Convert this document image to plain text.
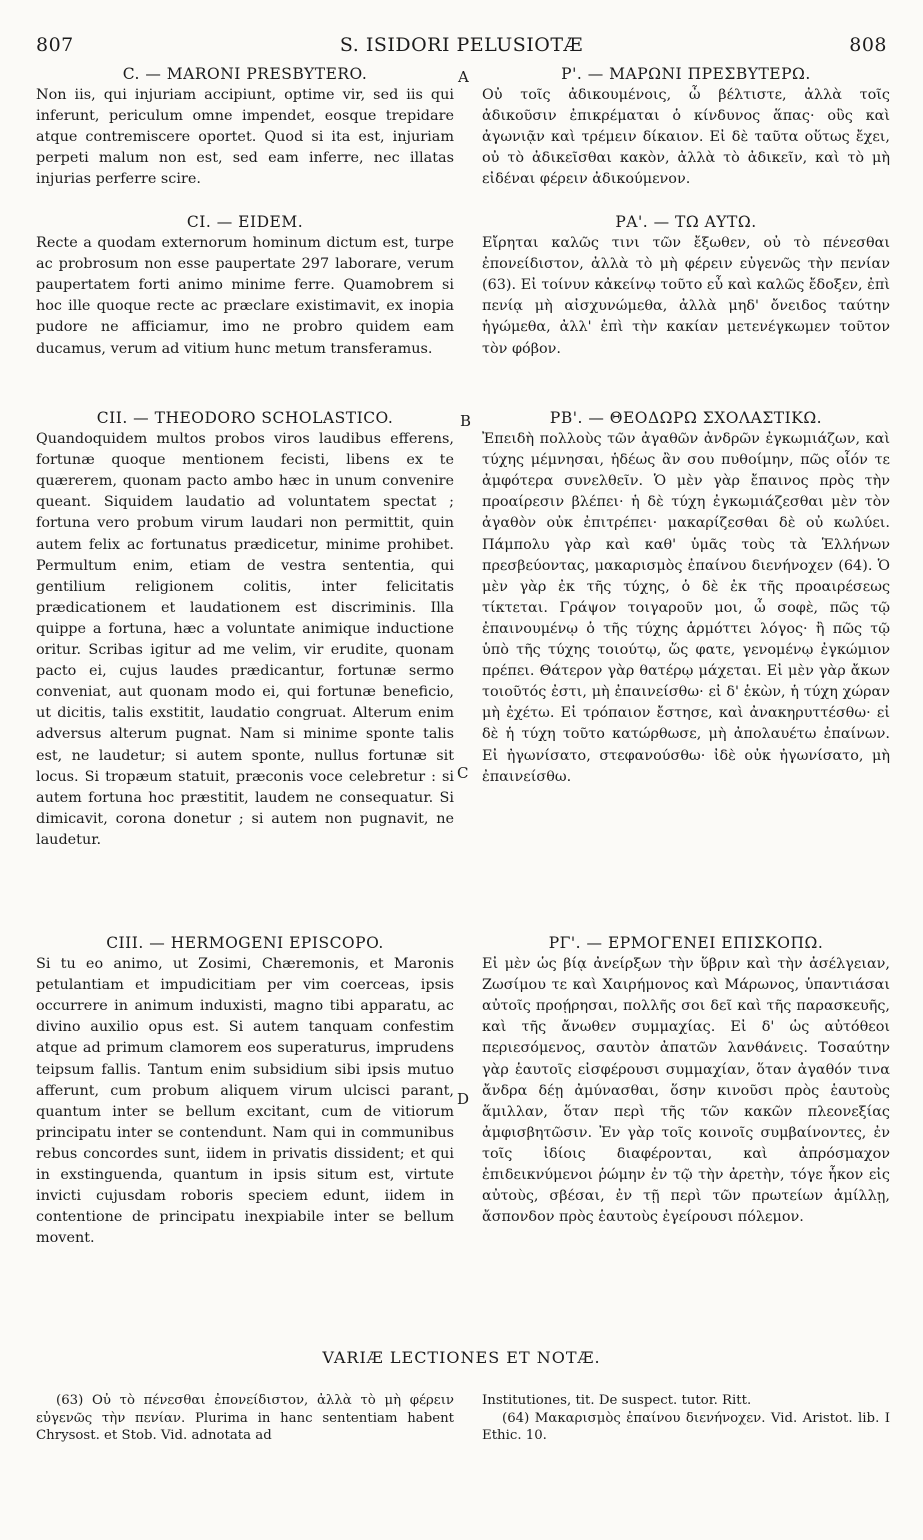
807	S. ISIDORI PELUSIOTÆ	808
C. — MARONI PRESBYTERO.
Non iis, qui injuriam accipiunt, optime vir, sed iis qui inferunt, periculum omne impendet, eosque trepidare atque contremiscere oportet. Quod si ita est, injuriam perpeti malum non est, sed eam inferre, nec illatas injurias perferre scire.
CI. — EIDEM.
Recte a quodam externorum hominum dictum est, turpe ac probrosum non esse paupertate 297 laborare, verum paupertatem forti animo minime ferre. Quamobrem si hoc ille quoque recte ac præclare existimavit, ex inopia pudore ne afficiamur, imo ne probro quidem eam ducamus, verum ad vitium hunc metum transferamus.
CII. — THEODORO SCHOLASTICO.
Quandoquidem multos probos viros laudibus efferens, fortunæ quoque mentionem fecisti, libens ex te quærerem, quonam pacto ambo hæc in unum convenire queant. Siquidem laudatio ad voluntatem spectat ; fortuna vero probum virum laudari non permittit, quin autem felix ac fortunatus prædicetur, minime prohibet. Permultum enim, etiam de vestra sententia, qui gentilium religionem colitis, inter felicitatis prædicationem et laudationem est discriminis. Illa quippe a fortuna, hæc a voluntate animique inductione oritur. Scribas igitur ad me velim, vir erudite, quonam pacto ei, cujus laudes prædicantur, fortunæ sermo conveniat, aut quonam modo ei, qui fortunæ beneficio, ut dicitis, talis exstitit, laudatio congruat. Alterum enim adversus alterum pugnat. Nam si minime sponte talis est, ne laudetur; si autem sponte, nullus fortunæ sit locus. Si tropæum statuit, præconis voce celebretur : si autem fortuna hoc præstitit, laudem ne consequatur. Si dimicavit, corona donetur ; si autem non pugnavit, ne laudetur.
CIII. — HERMOGENI EPISCOPO.
Si tu eo animo, ut Zosimi, Chæremonis, et Maronis petulantiam et impudicitiam per vim coerceas, ipsis occurrere in animum induxisti, magno tibi apparatu, ac divino auxilio opus est. Si autem tanquam confestim atque ad primum clamorem eos superaturus, imprudens teipsum fallis. Tantum enim subsidium sibi ipsis mutuo afferunt, cum probum aliquem virum ulcisci parant, quantum inter se bellum excitant, cum de vitiorum principatu inter se contendunt. Nam qui in communibus rebus concordes sunt, iidem in privatis dissident; et qui in exstinguenda, quantum in ipsis situm est, virtute invicti cujusdam roboris speciem edunt, iidem in contentione de principatu inexpiabile inter se bellum movent.
Ρ'. — ΜΑΡΩΝΙ ΠΡΕΣΒΥΤΕΡΩ.
Οὐ τοῖς ἀδικουμένοις, ὦ βέλτιστε, ἀλλὰ τοῖς ἀδικοῦσιν ἐπικρέμαται ὁ κίνδυνος ἅπας· οὓς καὶ ἀγωνιᾷν καὶ τρέμειν δίκαιον. Εἰ δὲ ταῦτα οὕτως ἔχει, οὐ τὸ ἀδικεῖσθαι κακὸν, ἀλλὰ τὸ ἀδικεῖν, καὶ τὸ μὴ εἰδέναι φέρειν ἀδικούμενον.
ΡΑ'. — ΤΩ ΑΥΤΩ.
Εἴρηται καλῶς τινι τῶν ἔξωθεν, οὐ τὸ πένεσθαι ἐπονείδιστον, ἀλλὰ τὸ μὴ φέρειν εὐγενῶς τὴν πενίαν (63). Εἰ τοίνυν κἀκείνῳ τοῦτο εὖ καὶ καλῶς ἔδοξεν, ἐπὶ πενίᾳ μὴ αἰσχυνώμεθα, ἀλλὰ μηδ' ὄνειδος ταύτην ἡγώμεθα, ἀλλ' ἐπὶ τὴν κακίαν μετενέγκωμεν τοῦτον τὸν φόβον.
ΡΒ'. — ΘΕΟΔΩΡΩ ΣΧΟΛΑΣΤΙΚΩ.
Ἐπειδὴ πολλοὺς τῶν ἀγαθῶν ἀνδρῶν ἐγκωμιάζων, καὶ τύχης μέμνησαι, ἡδέως ἂν σου πυθοίμην, πῶς οἷόν τε ἀμφότερα συνελθεῖν. Ὁ μὲν γὰρ ἔπαινος πρὸς τὴν προαίρεσιν βλέπει· ἡ δὲ τύχη ἐγκωμιάζεσθαι μὲν τὸν ἀγαθὸν οὐκ ἐπιτρέπει· μακαρίζεσθαι δὲ οὐ κωλύει. Πάμπολυ γὰρ καὶ καθ' ὑμᾶς τοὺς τὰ Ἑλλήνων πρεσβεύοντας, μακαρισμὸς ἐπαίνου διενήνοχεν (64). Ὁ μὲν γὰρ ἐκ τῆς τύχης, ὁ δὲ ἐκ τῆς προαιρέσεως τίκτεται. Γράψον τοιγαροῦν μοι, ὦ σοφὲ, πῶς τῷ ἐπαινουμένῳ ὁ τῆς τύχης ἁρμόττει λόγος· ἢ πῶς τῷ ὑπὸ τῆς τύχης τοιούτῳ, ὥς φατε, γενομένῳ ἐγκώμιον πρέπει. Θάτερον γὰρ θατέρῳ μάχεται. Εἰ μὲν γὰρ ἄκων τοιοῦτός ἐστι, μὴ ἐπαινείσθω· εἰ δ' ἑκὼν, ἡ τύχη χώραν μὴ ἐχέτω. Εἰ τρόπαιον ἔστησε, καὶ ἀνακηρυττέσθω· εἰ δὲ ἡ τύχη τοῦτο κατώρθωσε, μὴ ἀπολαυέτω ἐπαίνων. Εἰ ἠγωνίσατο, στεφανούσθω· ἰδὲ οὐκ ἠγωνίσατο, μὴ ἐπαινείσθω.
ΡΓ'. — ΕΡΜΟΓΕΝΕΙ ΕΠΙΣΚΟΠΩ.
Εἰ μὲν ὡς βίᾳ ἀνείρξων τὴν ὕβριν καὶ τὴν ἀσέλγειαν, Ζωσίμου τε καὶ Χαιρήμονος καὶ Μάρωνος, ὑπαντιάσαι αὐτοῖς προῄρησαι, πολλῆς σοι δεῖ καὶ τῆς παρασκευῆς, καὶ τῆς ἄνωθεν συμμαχίας. Εἰ δ' ὡς αὐτόθεοι περιεσόμενος, σαυτὸν ἀπατῶν λανθάνεις. Τοσαύτην γὰρ ἑαυτοῖς εἰσφέρουσι συμμαχίαν, ὅταν ἀγαθόν τινα ἄνδρα δέῃ ἀμύνασθαι, ὅσην κινοῦσι πρὸς ἑαυτοὺς ἅμιλλαν, ὅταν περὶ τῆς τῶν κακῶν πλεονεξίας ἀμφισβητῶσιν. Ἐν γὰρ τοῖς κοινοῖς συμβαίνοντες, ἐν τοῖς ἰδίοις διαφέρονται, καὶ ἀπρόσμαχον ἐπιδεικνύμενοι ῥώμην ἐν τῷ τὴν ἀρετὴν, τόγε ἧκον εἰς αὐτοὺς, σβέσαι, ἐν τῇ περὶ τῶν πρωτείων ἁμίλλῃ, ἄσπονδον πρὸς ἑαυτοὺς ἐγείρουσι πόλεμον.
A
B
C
D
VARIÆ LECTIONES ET NOTÆ.
(63) Οὐ τὸ πένεσθαι ἐπονείδιστον, ἀλλὰ τὸ μὴ φέρειν εὐγενῶς τὴν πενίαν. Plurima in hanc sententiam habent Chrysost. et Stob. Vid. adnotata ad

Institutiones, tit. De suspect. tutor. Ritt.

(64) Μακαρισμὸς ἐπαίνου διενήνοχεν. Vid. Aristot. lib. I Ethic. 10.
